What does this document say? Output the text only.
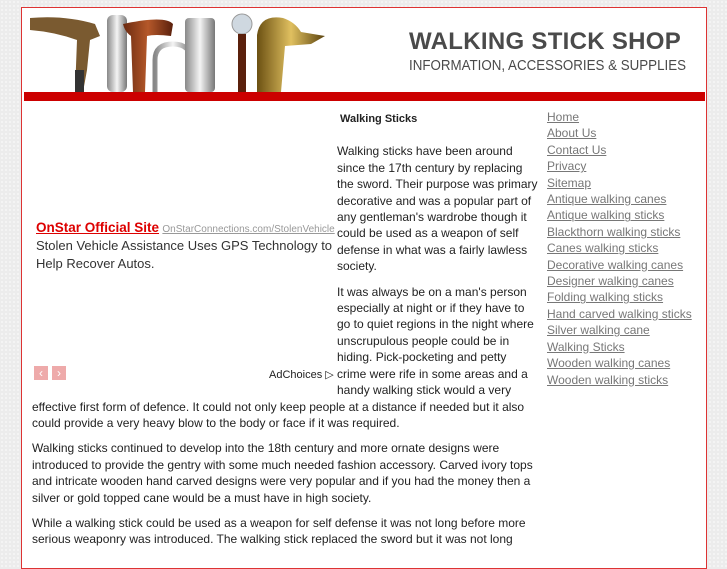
WALKING STICK SHOP
INFORMATION, ACCESSORIES & SUPPLIES
OnStar Official Site OnStarConnections.com/StolenVehicle
Stolen Vehicle Assistance Uses GPS Technology to Help Recover Autos.
‹	›	AdChoices ▷
Walking Sticks

Walking sticks have been around since the 17th century by replacing the sword. Their purpose was primary decorative and was a popular part of any gentleman's wardrobe though it could be used as a weapon of self defense in what was a fairly lawless society.

It was always be on a man's person especially at night or if they have to go to quiet regions in the night where unscrupulous people could be in hiding. Pick-pocketing and petty crime were rife in some areas and a handy walking stick would a very effective first form of defence. It could not only keep people at a distance if needed but it also could provide a very heavy blow to the body or face if it was required.

Walking sticks continued to develop into the 18th century and more ornate designs were introduced to provide the gentry with some much needed fashion accessory. Carved ivory tops and intricate wooden hand carved designs were very popular and if you had the money then a silver or gold topped cane would be a must have in high society.

While a walking stick could be used as a weapon for self defense it was not long before more serious weaponry was introduced. The walking stick replaced the sword but it was not long

Home
About Us
Contact Us
Privacy
Sitemap
Antique walking canes
Antique walking sticks
Blackthorn walking sticks
Canes walking sticks
Decorative walking canes
Designer walking canes
Folding walking sticks
Hand carved walking sticks
Silver walking cane
Walking Sticks
Wooden walking canes
Wooden walking sticks
